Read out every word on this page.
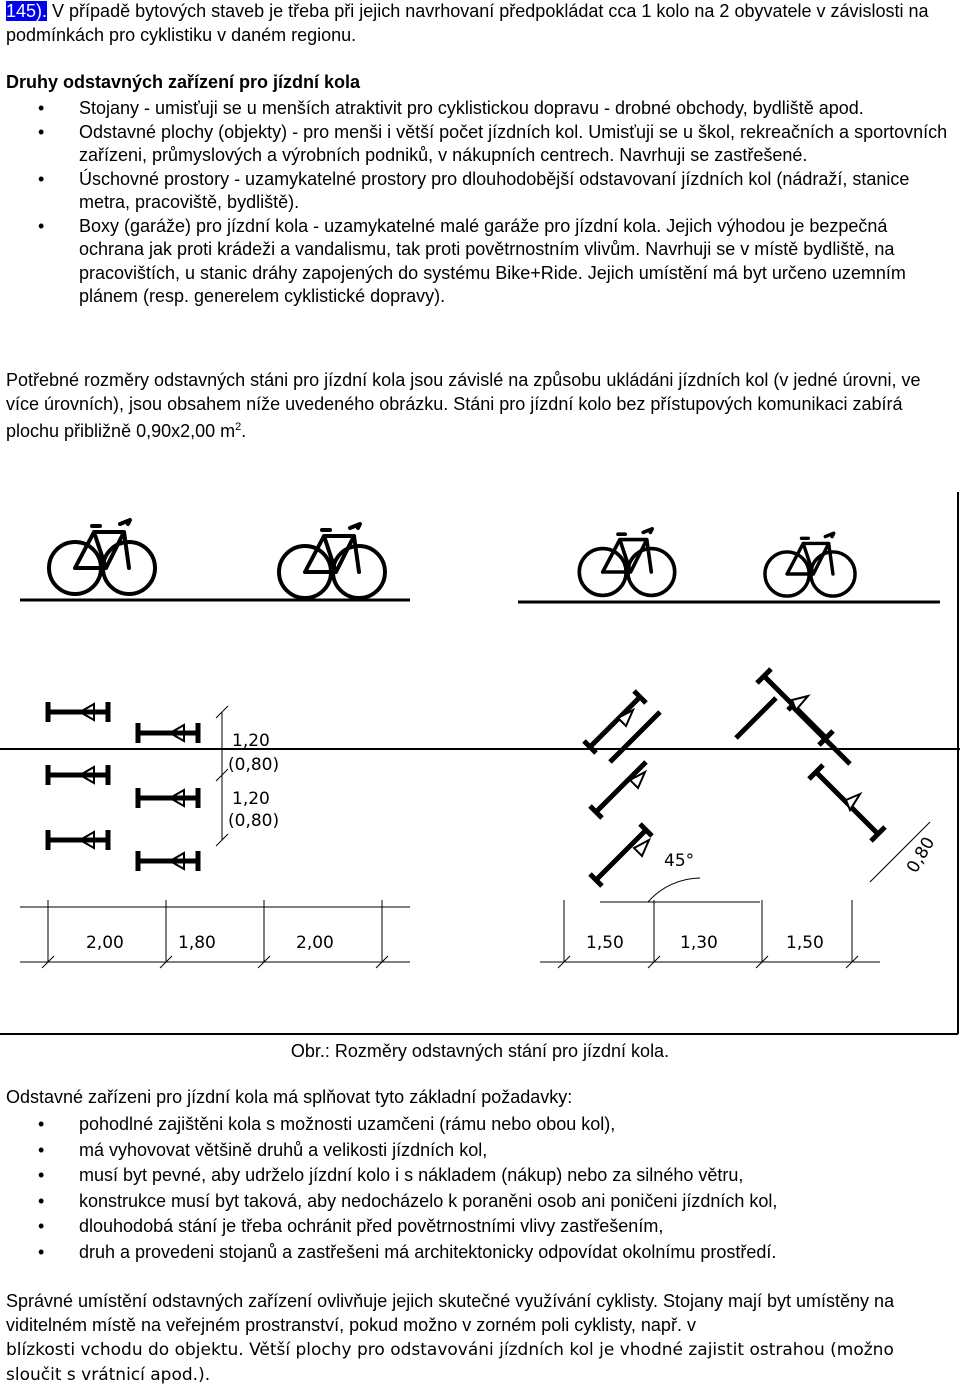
145). V případě bytových staveb je třeba při jejich navrhovaní předpokládat cca 1 kolo na 2 obyvatele v závislosti na podmínkách pro cyklistiku v daném regionu.

Druhy odstavných zařízení pro jízdní kola

• Stojany - umisťuji se u menších atraktivit pro cyklistickou dopravu - drobné obchody, bydliště apod.
• Odstavné plochy (objekty) - pro menši i větší počet jízdních kol. Umisťuji se u škol, rekreačních a sportovních zařízeni, průmyslových a výrobních podniků, v nákupních centrech. Navrhuji se zastřešené.
• Úschovné prostory - uzamykatelné prostory pro dlouhodobější odstavovaní jízdních kol (nádraží, stanice metra, pracoviště, bydliště).
• Boxy (garáže) pro jízdní kola - uzamykatelné malé garáže pro jízdní kola. Jejich výhodou je bezpečná ochrana jak proti krádeži a vandalismu, tak proti povětrnostním vlivům. Navrhuji se v místě bydliště, na pracovištích, u stanic dráhy zapojených do systému Bike+Ride. Jejich umístění má byt určeno uzemním plánem (resp. generelem cyklistické dopravy).

Potřebné rozměry odstavných stáni pro jízdní kola jsou závislé na způsobu ukládáni jízdních kol (v jedné úrovni, ve více úrovních), jsou obsahem níže uvedeného obrázku. Stáni pro jízdní kolo bez přístupových komunikaci zabírá plochu přibližně 0,90x2,00 $m^2$.

1,20
(0,80)
1,20
(0,80)
45°	0,80
2,00	1,80	2,00	1,50	1,30	1,50
Obr.: Rozměry odstavných stání pro jízdní kola.

Odstavné zařízeni pro jízdní kola má splňovat tyto základní požadavky:

• pohodlné zajištěni kola s možnosti uzamčeni (rámu nebo obou kol),
• má vyhovovat většině druhů a velikosti jízdních kol,
• musí byt pevné, aby udrželo jízdní kolo i s nákladem (nákup) nebo za silného větru,
• konstrukce musí byt taková, aby nedocházelo k poraněni osob ani poničeni jízdních kol,
• dlouhodobá stání je třeba ochránit před povětrnostními vlivy zastřešením,
• druh a provedeni stojanů a zastřešeni má architektonicky odpovídat okolnímu prostředí.

Správné umístění odstavných zařízení ovlivňuje jejich skutečné využívání cyklisty. Stojany mají byt umístěny na viditelném místě na veřejném prostranství, pokud možno v zorném poli cyklisty, např. v

blízkosti vchodu do objektu. Větší plochy pro odstavováni jízdních kol je vhodné zajistit ostrahou (možno sloučit s vrátnicí apod.).
